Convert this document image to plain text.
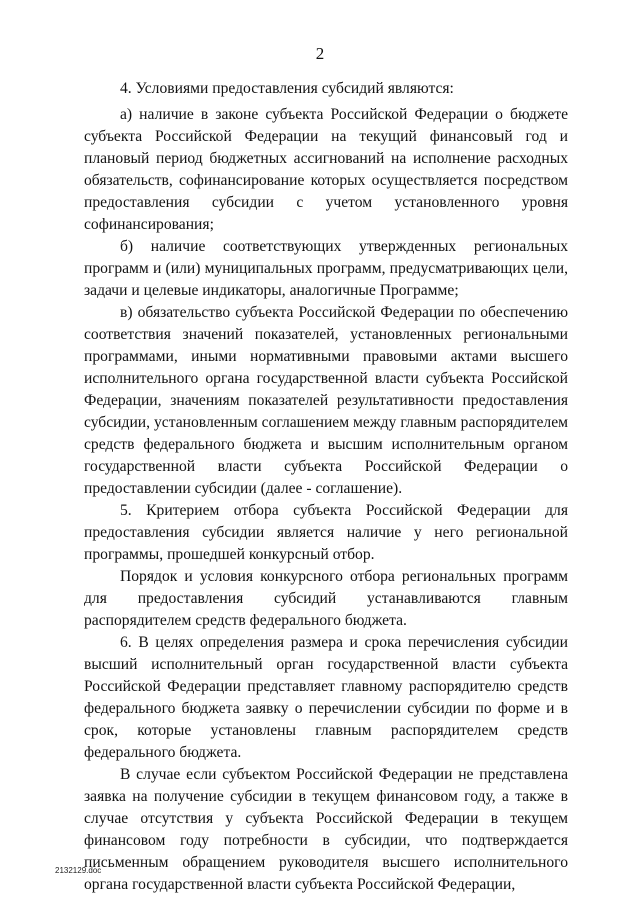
2

4. Условиями предоставления субсидий являются:

а) наличие в законе субъекта Российской Федерации о бюджете субъекта Российской Федерации на текущий финансовый год и плановый период бюджетных ассигнований на исполнение расходных обязательств, софинансирование которых осуществляется посредством предоставления субсидии с учетом установленного уровня софинансирования;

б) наличие соответствующих утвержденных региональных программ и (или) муниципальных программ, предусматривающих цели, задачи и целевые индикаторы, аналогичные Программе;

в) обязательство субъекта Российской Федерации по обеспечению соответствия значений показателей, установленных региональными программами, иными нормативными правовыми актами высшего исполнительного органа государственной власти субъекта Российской Федерации, значениям показателей результативности предоставления субсидии, установленным соглашением между главным распорядителем средств федерального бюджета и высшим исполнительным органом государственной власти субъекта Российской Федерации о предоставлении субсидии (далее - соглашение).

5. Критерием отбора субъекта Российской Федерации для предоставления субсидии является наличие у него региональной программы, прошедшей конкурсный отбор.

Порядок и условия конкурсного отбора региональных программ для предоставления субсидий устанавливаются главным распорядителем средств федерального бюджета.

6. В целях определения размера и срока перечисления субсидии высший исполнительный орган государственной власти субъекта Российской Федерации представляет главному распорядителю средств федерального бюджета заявку о перечислении субсидии по форме и в срок, которые установлены главным распорядителем средств федерального бюджета.

В случае если субъектом Российской Федерации не представлена заявка на получение субсидии в текущем финансовом году, а также в случае отсутствия у субъекта Российской Федерации в текущем финансовом году потребности в субсидии, что подтверждается письменным обращением руководителя высшего исполнительного органа государственной власти субъекта Российской Федерации,

2132129.doc
